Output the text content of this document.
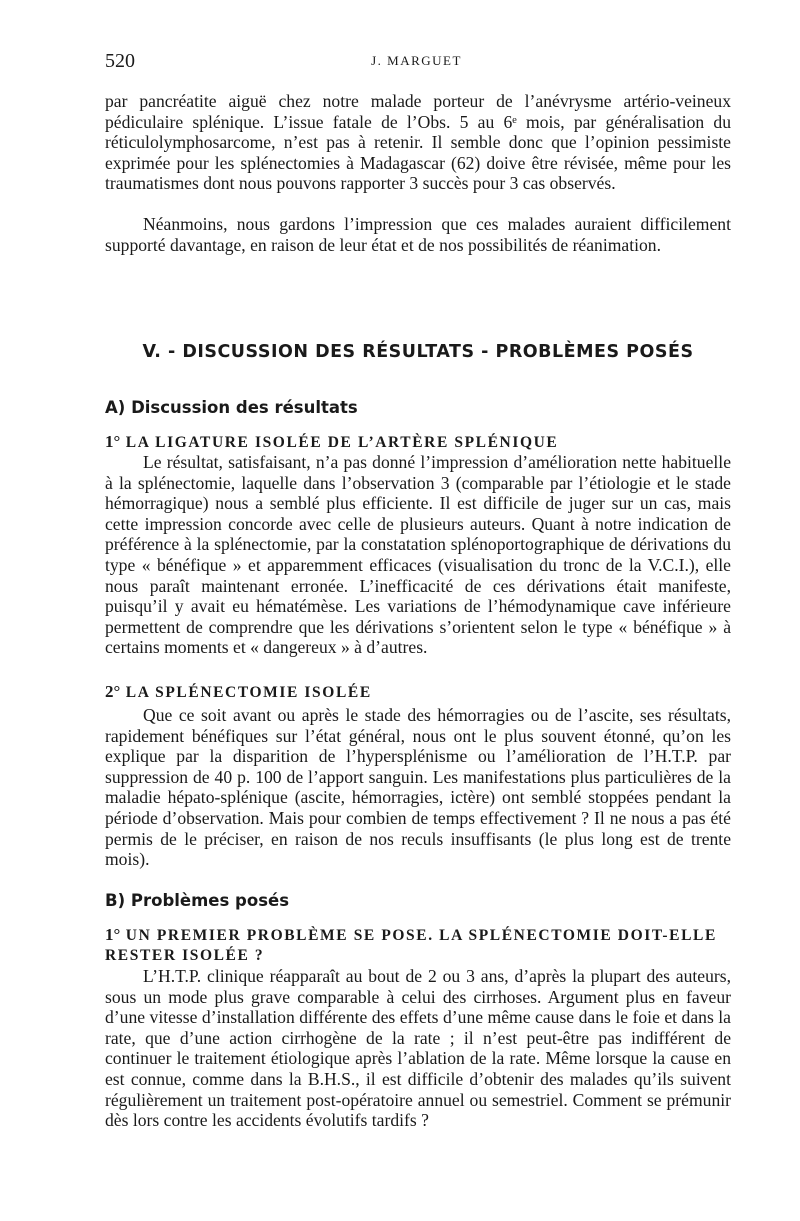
520	J. MARGUET

par pancréatite aiguë chez notre malade porteur de l’anévrysme artério-veineux pédiculaire splénique. L’issue fatale de l’Obs. 5 au 6ᵉ mois, par généralisation du réticulolymphosarcome, n’est pas à retenir. Il semble donc que l’opinion pessimiste exprimée pour les splénectomies à Madagascar (62) doive être révisée, même pour les traumatismes dont nous pouvons rapporter 3 succès pour 3 cas observés.

Néanmoins, nous gardons l’impression que ces malades auraient difficilement supporté davantage, en raison de leur état et de nos possibilités de réanimation.

V. - DISCUSSION DES RÉSULTATS - PROBLÈMES POSÉS
A) Discussion des résultats
1° LA LIGATURE ISOLÉE DE L’ARTÈRE SPLÉNIQUE

Le résultat, satisfaisant, n’a pas donné l’impression d’amélioration nette habituelle à la splénectomie, laquelle dans l’observation 3 (comparable par l’étiologie et le stade hémorragique) nous a semblé plus efficiente. Il est difficile de juger sur un cas, mais cette impression concorde avec celle de plusieurs auteurs. Quant à notre indication de préférence à la splénectomie, par la constatation splénoportographique de dérivations du type « bénéfique » et apparemment efficaces (visualisation du tronc de la V.C.I.), elle nous paraît maintenant erronée. L’inefficacité de ces dérivations était manifeste, puisqu’il y avait eu hématémèse. Les variations de l’hémodynamique cave inférieure permettent de comprendre que les dérivations s’orientent selon le type « bénéfique » à certains moments et « dangereux » à d’autres.

2° LA SPLÉNECTOMIE ISOLÉE

Que ce soit avant ou après le stade des hémorragies ou de l’ascite, ses résultats, rapidement bénéfiques sur l’état général, nous ont le plus souvent étonné, qu’on les explique par la disparition de l’hypersplénisme ou l’amélioration de l’H.T.P. par suppression de 40 p. 100 de l’apport sanguin. Les manifestations plus particulières de la maladie hépato-splénique (ascite, hémorragies, ictère) ont semblé stoppées pendant la période d’observation. Mais pour combien de temps effectivement ? Il ne nous a pas été permis de le préciser, en raison de nos reculs insuffisants (le plus long est de trente mois).

B) Problèmes posés
1° UN PREMIER PROBLÈME SE POSE. LA SPLÉNECTOMIE DOIT-ELLE RESTER ISOLÉE ?

L’H.T.P. clinique réapparaît au bout de 2 ou 3 ans, d’après la plupart des auteurs, sous un mode plus grave comparable à celui des cirrhoses. Argument plus en faveur d’une vitesse d’installation différente des effets d’une même cause dans le foie et dans la rate, que d’une action cirrhogène de la rate ; il n’est peut-être pas indifférent de continuer le traitement étiologique après l’ablation de la rate. Même lorsque la cause en est connue, comme dans la B.H.S., il est difficile d’obtenir des malades qu’ils suivent régulièrement un traitement post-opératoire annuel ou semestriel. Comment se prémunir dès lors contre les accidents évolutifs tardifs ?
